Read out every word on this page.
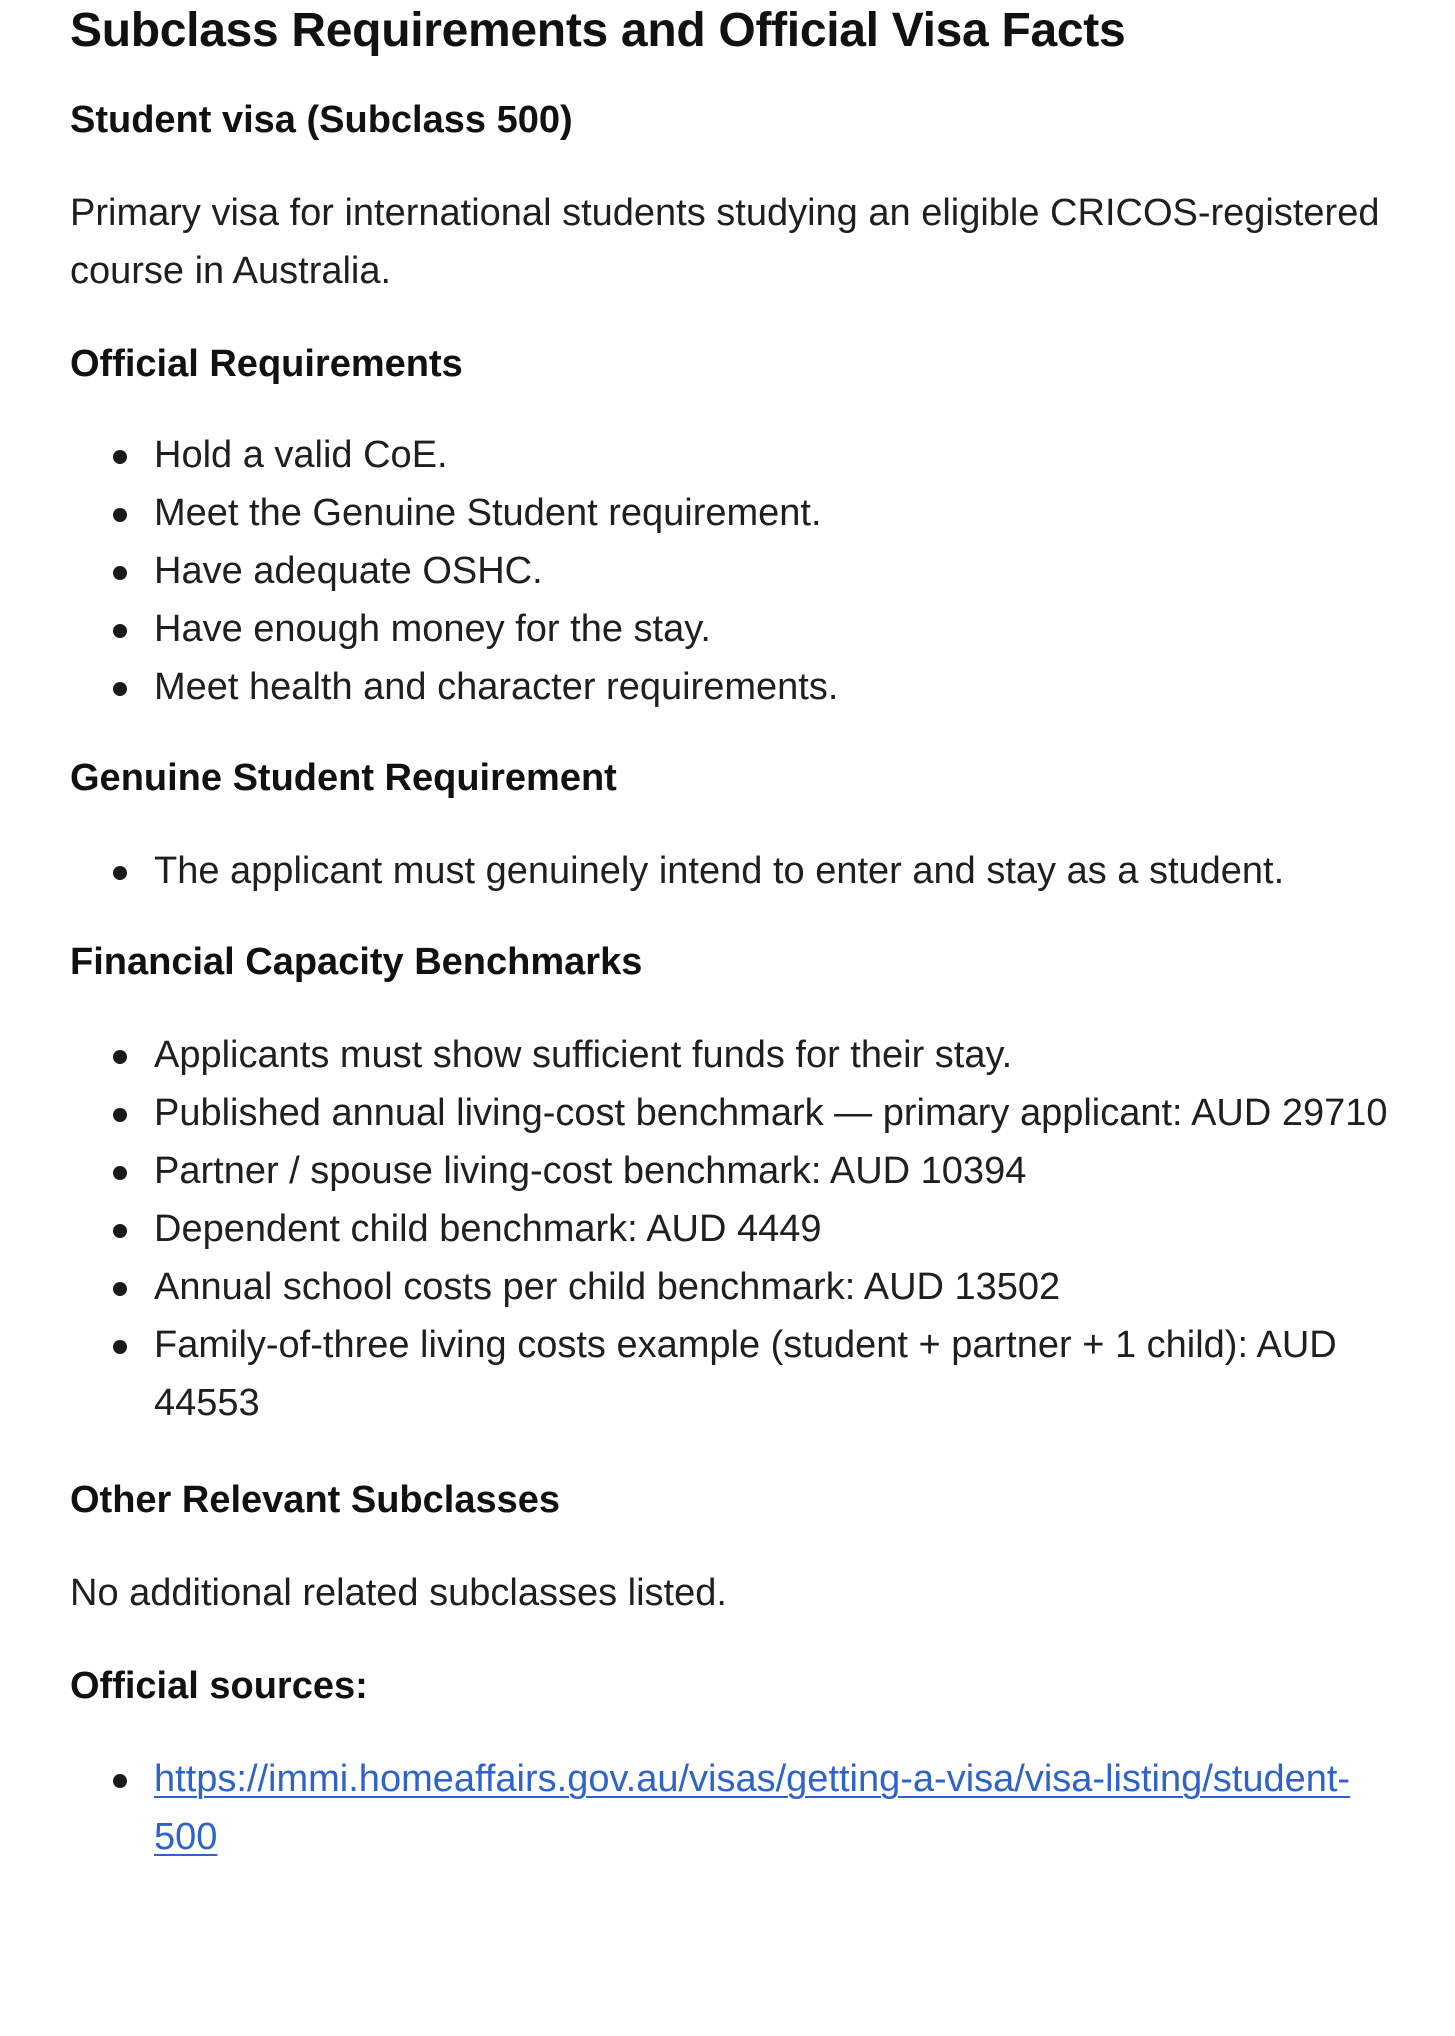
Subclass Requirements and Official Visa Facts
Student visa (Subclass 500)

Primary visa for international students studying an eligible CRICOS-registered course in Australia.

Official Requirements
Hold a valid CoE.
Meet the Genuine Student requirement.
Have adequate OSHC.
Have enough money for the stay.
Meet health and character requirements.
Genuine Student Requirement
The applicant must genuinely intend to enter and stay as a student.
Financial Capacity Benchmarks
Applicants must show sufficient funds for their stay.
Published annual living-cost benchmark — primary applicant: AUD 29710
Partner / spouse living-cost benchmark: AUD 10394
Dependent child benchmark: AUD 4449
Annual school costs per child benchmark: AUD 13502
Family-of-three living costs example (student + partner + 1 child): AUD 44553
Other Relevant Subclasses

No additional related subclasses listed.

Official sources:
https://immi.homeaffairs.gov.au/visas/getting-a-visa/visa-listing/student-500
